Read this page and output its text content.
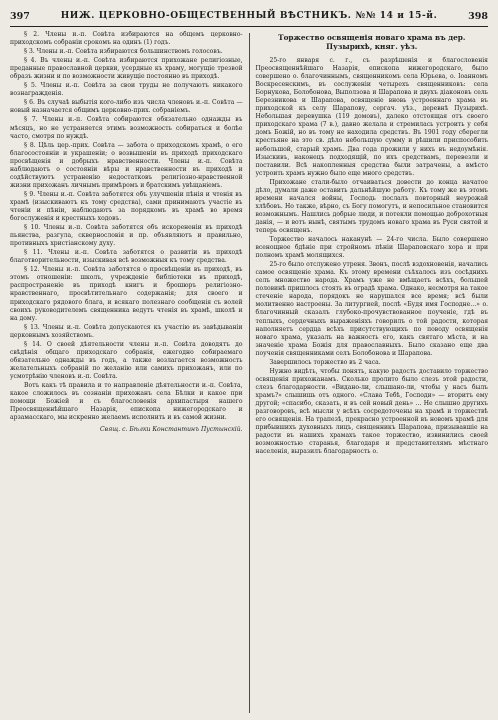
397	НИЖ. ЦЕРКОВНО-ОБЩЕСТВЕННЫЙ ВѢСТНИКЪ. №№ 14 и 15-й.	398

§ 2. Члены и.-п. Совѣта избираются на общемъ церковно-приходскомъ собраніи срокомъ на одинъ (1) годъ.

§ 3. Члены и.-п. Совѣта избираются большинствомъ голосовъ.

§ 4. Въ члены и.-п. Совѣта избираются прихожане религіозные, преданные православной церкви, усердные къ храму, могущіе трезвой образъ жизни и по возможности живущіе постоянно въ приходѣ.

§ 5. Члены и.-п. Совѣта за свои труды не получаютъ никакого вознагражденія.

§ 6. Въ случаѣ выбытія кого-либо изъ числа членовъ и.-п. Совѣта — новый назначается общимъ церковно-прих. собраніемъ.

§ 7. Члены и.-п. Совѣта собираются обязательно однажды въ мѣсяцъ, но не устраняется этимъ возможность собираться и болѣе часто, смотря по нуждѣ.

§ 8. Цѣль цер.-прих. Совѣта — забота о приходскомъ храмѣ, о его благосостояніи и украшеніи; о возвышеніи въ приходѣ приходскаго просвѣщенія и добрыхъ нравственности. Члены и.-п. Совѣта наблюдаютъ о состояніи вѣры и нравственности въ приходѣ и содѣйствуютъ устраненію недостатковъ религіозно-нравственной жизни прихожанъ личнымъ примѣромъ и братскимъ увѣщаніемъ.

§ 9. Члены и.-п. Совѣта заботятся объ улучшеніи пѣнія и чтенія въ храмѣ (изыскиваютъ къ тому средства), сами принимаютъ участіе въ чтеніи и пѣніи, наблюдаютъ за порядкомъ въ храмѣ во время богослуженія и крестныхъ ходовъ.

§ 10. Члены и.-п. Совѣта заботятся объ искорененіи въ приходѣ пьянства, разгула, сквернословія и пр. объявляютъ и правильно, противныхъ христіанскому духу.

§ 11. Члены и.-п. Совѣта заботятся о развитіи въ приходѣ благотворительности, изыскивая всѣ возможныя къ тому средства.

§ 12. Члены и.-п. Совѣта заботятся о просвѣщеніи въ приходѣ, въ этомъ отношеніи: школъ, учрежденіе библіотеки въ приходѣ, распространеніе въ приходѣ книгъ и брошюръ религіозно-нравственнаго, просвѣтительнаго содержанія; для своего и приходскаго рядового блага, и всякаго полезнаго сообщенія съ волей своихъ руководителемъ священника ведутъ чтенія въ храмѣ, школѣ и на дому.

§ 13. Члены и.-п. Совѣта допускаются къ участію въ завѣдываніи церковнымъ хозяйствомъ.

§ 14. О своей дѣятельности члены и.-п. Совѣта доводятъ до свѣдѣнія общаго приходскаго собранія, ежегодно собираемаго обязательно однажды въ годъ, а также возлагается возможность желательныхъ собраній по желанію или самихъ прихожанъ, или по усмотрѣнію членовъ и.-п. Совѣта.

Вотъ какъ тѣ правила и то направленіе дѣятельности и.-п. Совѣта, какое сложилось въ сознаніи прихожанъ села Бѣлки и какое при помощи Божіей и съ благословенія архипастыря нашего Преосвященнѣйшаго Назарія, епископа нижегородскаго и арзамасскаго, мы искренно желаемъ исполнить и въ самой жизни.

Свящ. с. Бѣлки Константинъ Пустынскій.

Торжество освященія новаго храма въ дер. Пузырихѣ, княг. уѣз.

25-го января с. г., съ разрѣшенія и благословенія Преосвященнѣйшаго Назарія, епископа нижегородскаго, было совершено о. благочиннымъ, священникомъ села Юрьева, о. Іоанномъ Воскресенскимъ, въ сослуженіи четырехъ священниковъ: села Борнукова, Болобонова, Выползова и Шарапова и двухъ діаконовъ сель Березникова и Шарапова, освященіе вновь устроеннаго храма въ приходской къ селу Шарапову, сергач. уѣз., деревнѣ Пузырихѣ. Небольшая деревушка (119 домовъ), далеко отстоящая отъ своего приходскаго храма (7 в.), давно желала и стремилась устроить у себя домъ Божій, но въ тому не находила средствъ. Въ 1901 году сберегли крестьяне на это св. дѣло небольшую сумму и рѣшили приспособить небольшой, старый храмъ. Два года прожили у нихъ въ недоумѣнія. Изыскивъ, наконецъ подходящій, по ихъ средствамъ, перевезли и поставили. Всѣ накопленныя средства были затрачены, а вмѣсто устроить храмъ нужно было еще много средствъ.

Прихожане стали-было отчаиваться довести до конца начатое дѣло, думали даже оставить дальнѣйшую работу. Къ тому же въ этомъ времени начался войны, Господь послалъ повторный неурожай хлѣбовъ. Но также, вѣрно, съ Богу помогутъ, и непосильное становится возможнымъ. Нашлись добрые люди, и потекли помощью доброхотныя данія, — и вотъ нынѣ, святымъ трудомъ новаго храма въ Руси святой и теперь освященъ.

Торжество началось наканунѣ — 24-го числа. Было совершено всенощное бдѣніе при стройномъ пѣніи Шараповскаго хора и при полномъ храмѣ молящихся.

25-го было отслужено утреня. Звонъ, послѣ вздохновенія, начались самое освященіе храма. Къ этому времени съѣхалось изъ сосѣднихъ селъ множество народа. Храмъ уже не вмѣщаетъ всѣхъ, большей половинѣ пришлось стоять въ оградѣ храма. Однако, несмотря на такое стеченіе народа, порядокъ не нарушался все время; всѣ были молитвенно настроены. За литургией, послѣ «Будя имя Господне…» о. благочинный сказалъ глубоко-прочувствованное поученіе, гдѣ въ теплыхъ, сердечныхъ выраженіяхъ говорилъ о той радости, которая наполняетъ сердца всѣхъ присутствующихъ по поводу освященія новаго храма, указалъ на важность его, какъ святаго мѣста, и на значеніе храма Божія для православныхъ. Было сказано еще два поученія священниками селъ Болобонова и Шарапова.

Завершилось торжество въ 2 часа.

Нужно видѣть, чтобы понять, какую радость доставило торжество освященія прихожанамъ. Сколько пролито было слезъ этой радости, слезъ благодарности. «Видано-ли, слышано-ли, чтобы у насъ былъ храмъ?» слышишь отъ одного. «Слава Тебѣ, Господи» — вторитъ ему другой; «спасибо, сказать, и въ сей новый день» … Не слышно другихъ разговоровъ, всѣ мысли у всѣхъ сосредоточены на храмѣ и торжествѣ его освященія. На трапезѣ, прекрасно устроенной въ новомъ храмѣ для прибывшихъ духовныхъ лицъ, священникъ Шарапова, призывавшіе на радости въ нашихъ храмахъ такое торжество, извинились своей возможностью старанья, благодаря и представителямъ мѣстнаго населенія, выразилъ благодарность о.
